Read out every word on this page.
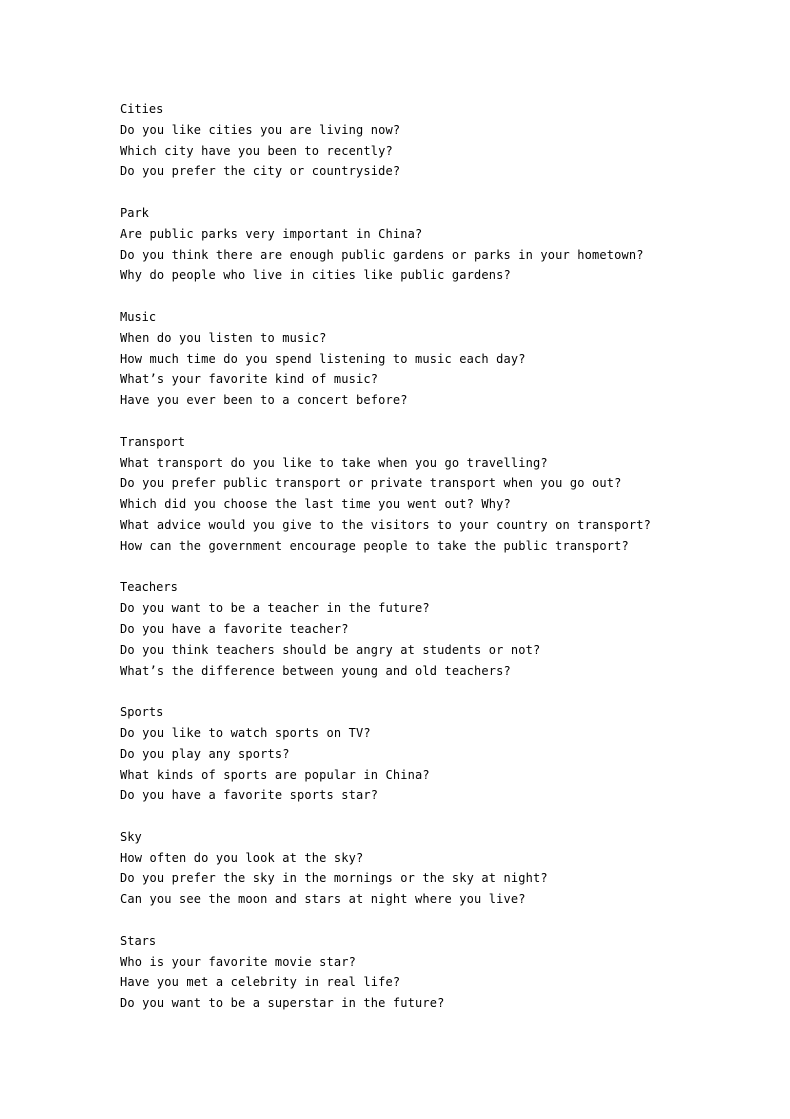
Cities
Do you like cities you are living now?
Which city have you been to recently?
Do you prefer the city or countryside?
Park
Are public parks very important in China?
Do you think there are enough public gardens or parks in your hometown?
Why do people who live in cities like public gardens?
Music
When do you listen to music?
How much time do you spend listening to music each day?
What’s your favorite kind of music?
Have you ever been to a concert before?
Transport
What transport do you like to take when you go travelling?
Do you prefer public transport or private transport when you go out?
Which did you choose the last time you went out? Why?
What advice would you give to the visitors to your country on transport?
How can the government encourage people to take the public transport?
Teachers
Do you want to be a teacher in the future?
Do you have a favorite teacher?
Do you think teachers should be angry at students or not?
What’s the difference between young and old teachers?
Sports
Do you like to watch sports on TV?
Do you play any sports?
What kinds of sports are popular in China?
Do you have a favorite sports star?
Sky
How often do you look at the sky?
Do you prefer the sky in the mornings or the sky at night?
Can you see the moon and stars at night where you live?
Stars
Who is your favorite movie star?
Have you met a celebrity in real life?
Do you want to be a superstar in the future?
